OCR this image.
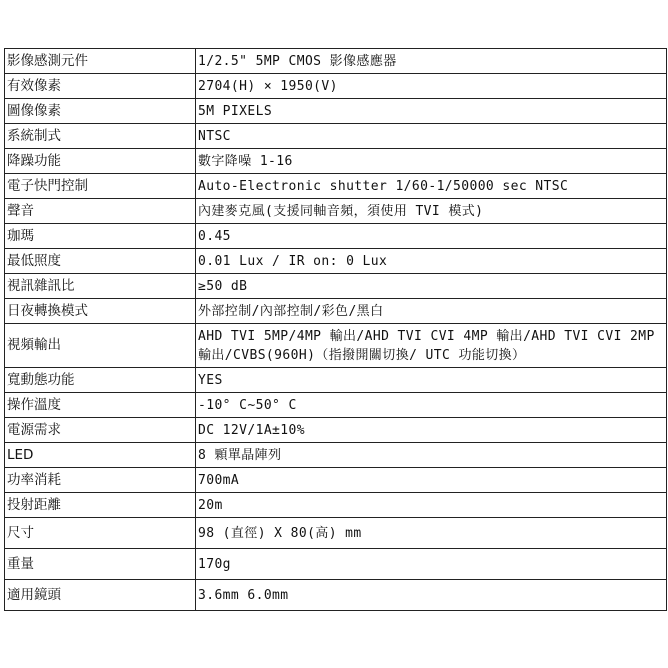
影像感測元件	1/2.5" 5MP CMOS 影像感應器
有效像素	2704(H) × 1950(V)
圖像像素	5M PIXELS
系統制式	NTSC
降躁功能	數字降噪 1-16
電子快門控制	Auto-Electronic shutter 1/60-1/50000 sec NTSC
聲音	內建麥克風(支援同軸音頻，須使用 TVI 模式)
珈瑪	0.45
最低照度	0.01 Lux / IR on: 0 Lux
視訊雜訊比	≥50 dB
日夜轉換模式	外部控制/內部控制/彩色/黑白
視頻輸出	AHD TVI 5MP/4MP 輸出/AHD TVI CVI 4MP 輸出/AHD TVI CVI 2MP 輸出/CVBS(960H)（指撥開關切換/ UTC 功能切換）
寬動態功能	YES
操作溫度	-10° C~50° C
電源需求	DC 12V/1A±10%
LED	8 顆單晶陣列
功率消耗	700mA
投射距離	20m
尺寸	98 (直徑) X 80(高) mm
重量	170g
適用鏡頭	3.6mm 6.0mm
